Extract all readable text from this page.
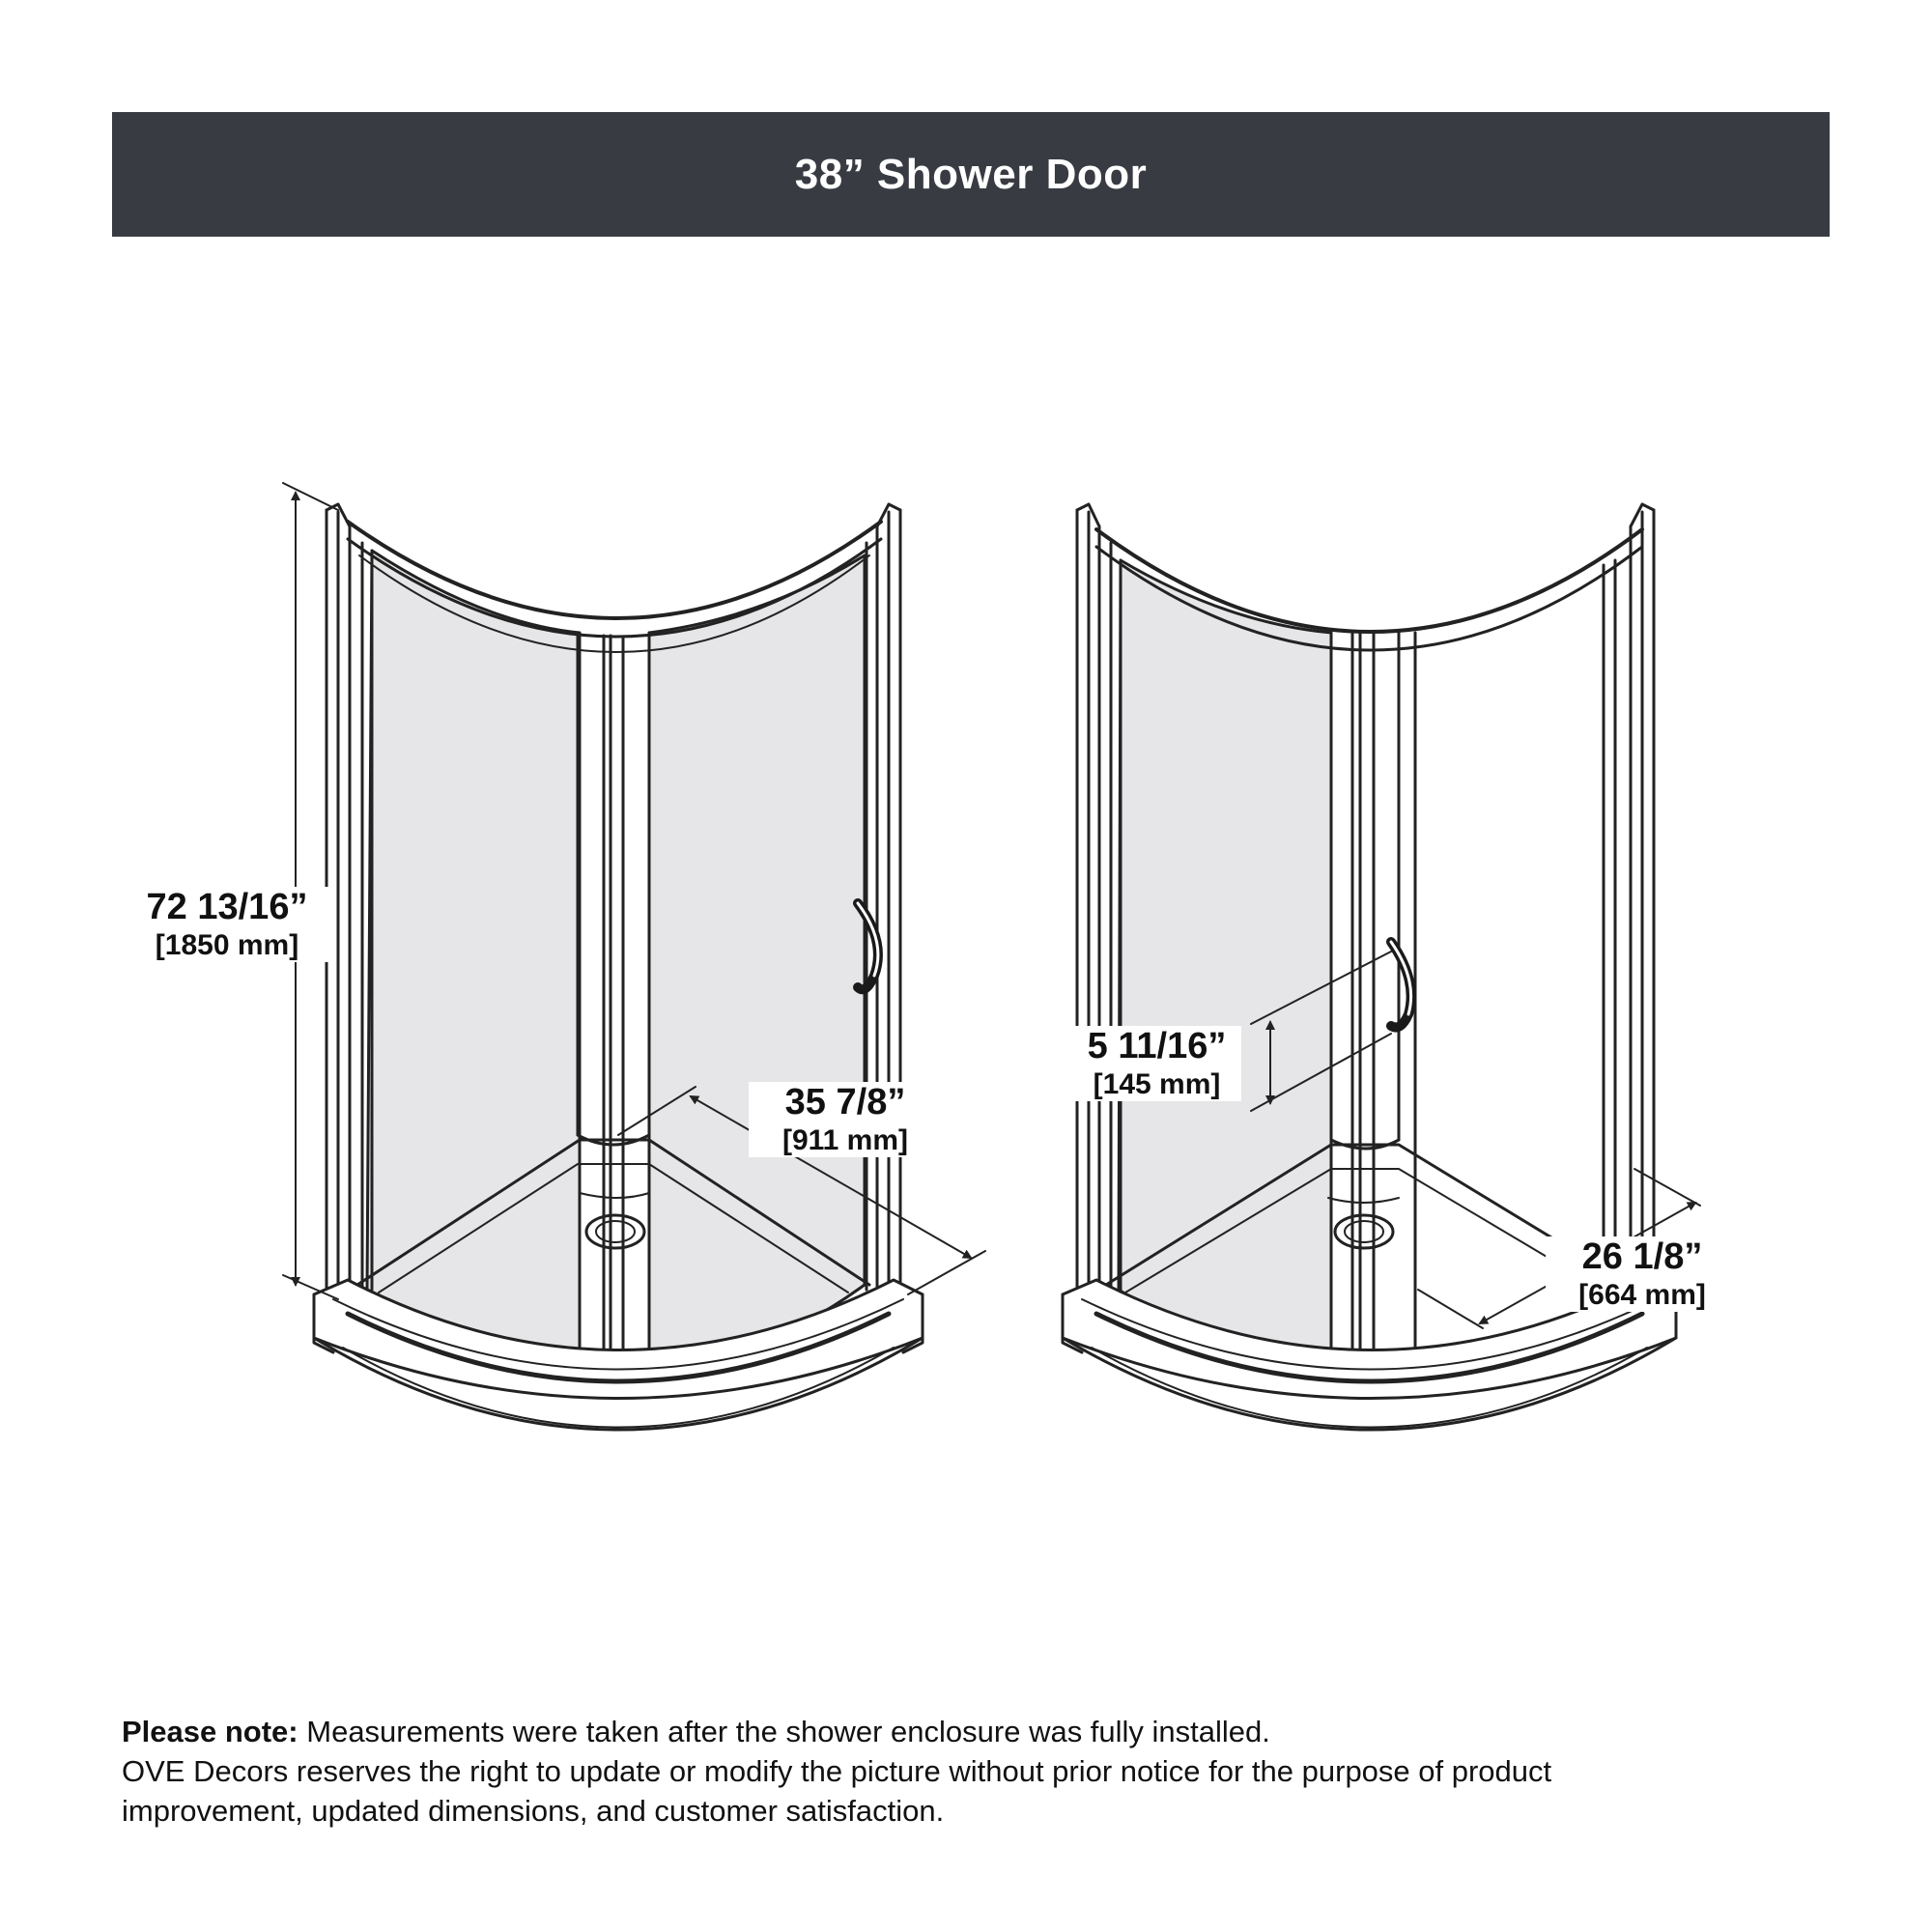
38” Shower Door
72 13/16”
[1850 mm]
35 7/8”
[911 mm]
5 11/16”
[145 mm]
26 1/8”
[664 mm]
Please note: Measurements were taken after the shower enclosure was fully installed.
OVE Decors reserves the right to update or modify the picture without prior notice for the purpose of product
improvement, updated dimensions, and customer satisfaction.
